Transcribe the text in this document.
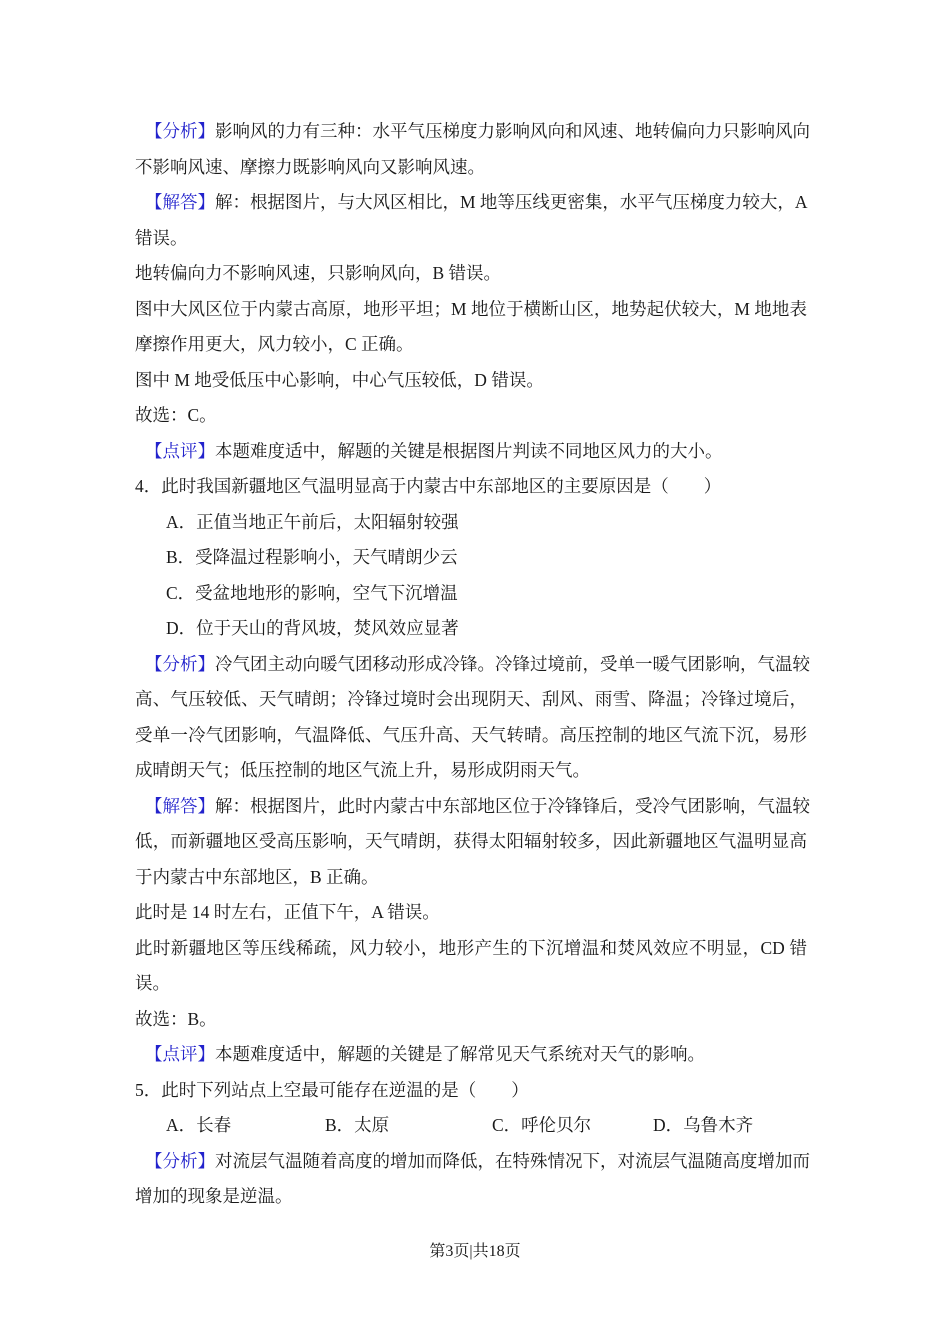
【分析】影响风的力有三种：水平气压梯度力影响风向和风速、地转偏向力只影响风向
不影响风速、摩擦力既影响风向又影响风速。
【解答】解：根据图片，与大风区相比，M 地等压线更密集，水平气压梯度力较大，A
错误。
地转偏向力不影响风速，只影响风向，B 错误。
图中大风区位于内蒙古高原，地形平坦；M 地位于横断山区，地势起伏较大，M 地地表
摩擦作用更大，风力较小，C 正确。
图中 M 地受低压中心影响，中心气压较低，D 错误。
故选：C。
【点评】本题难度适中，解题的关键是根据图片判读不同地区风力的大小。
4．此时我国新疆地区气温明显高于内蒙古中东部地区的主要原因是（　　）
A．正值当地正午前后，太阳辐射较强
B．受降温过程影响小，天气晴朗少云
C．受盆地地形的影响，空气下沉增温
D．位于天山的背风坡，焚风效应显著
【分析】冷气团主动向暖气团移动形成冷锋。冷锋过境前，受单一暖气团影响，气温较
高、气压较低、天气晴朗；冷锋过境时会出现阴天、刮风、雨雪、降温；冷锋过境后，
受单一冷气团影响，气温降低、气压升高、天气转晴。高压控制的地区气流下沉，易形
成晴朗天气；低压控制的地区气流上升，易形成阴雨天气。
【解答】解：根据图片，此时内蒙古中东部地区位于冷锋锋后，受冷气团影响，气温较
低，而新疆地区受高压影响，天气晴朗，获得太阳辐射较多，因此新疆地区气温明显高
于内蒙古中东部地区，B 正确。
此时是 14 时左右，正值下午，A 错误。
此时新疆地区等压线稀疏，风力较小，地形产生的下沉增温和焚风效应不明显，CD 错
误。
故选：B。
【点评】本题难度适中，解题的关键是了解常见天气系统对天气的影响。
5．此时下列站点上空最可能存在逆温的是（　　）
A．长春	B．太原	C．呼伦贝尔	D．乌鲁木齐
【分析】对流层气温随着高度的增加而降低，在特殊情况下，对流层气温随高度增加而
增加的现象是逆温。
第3页|共18页
